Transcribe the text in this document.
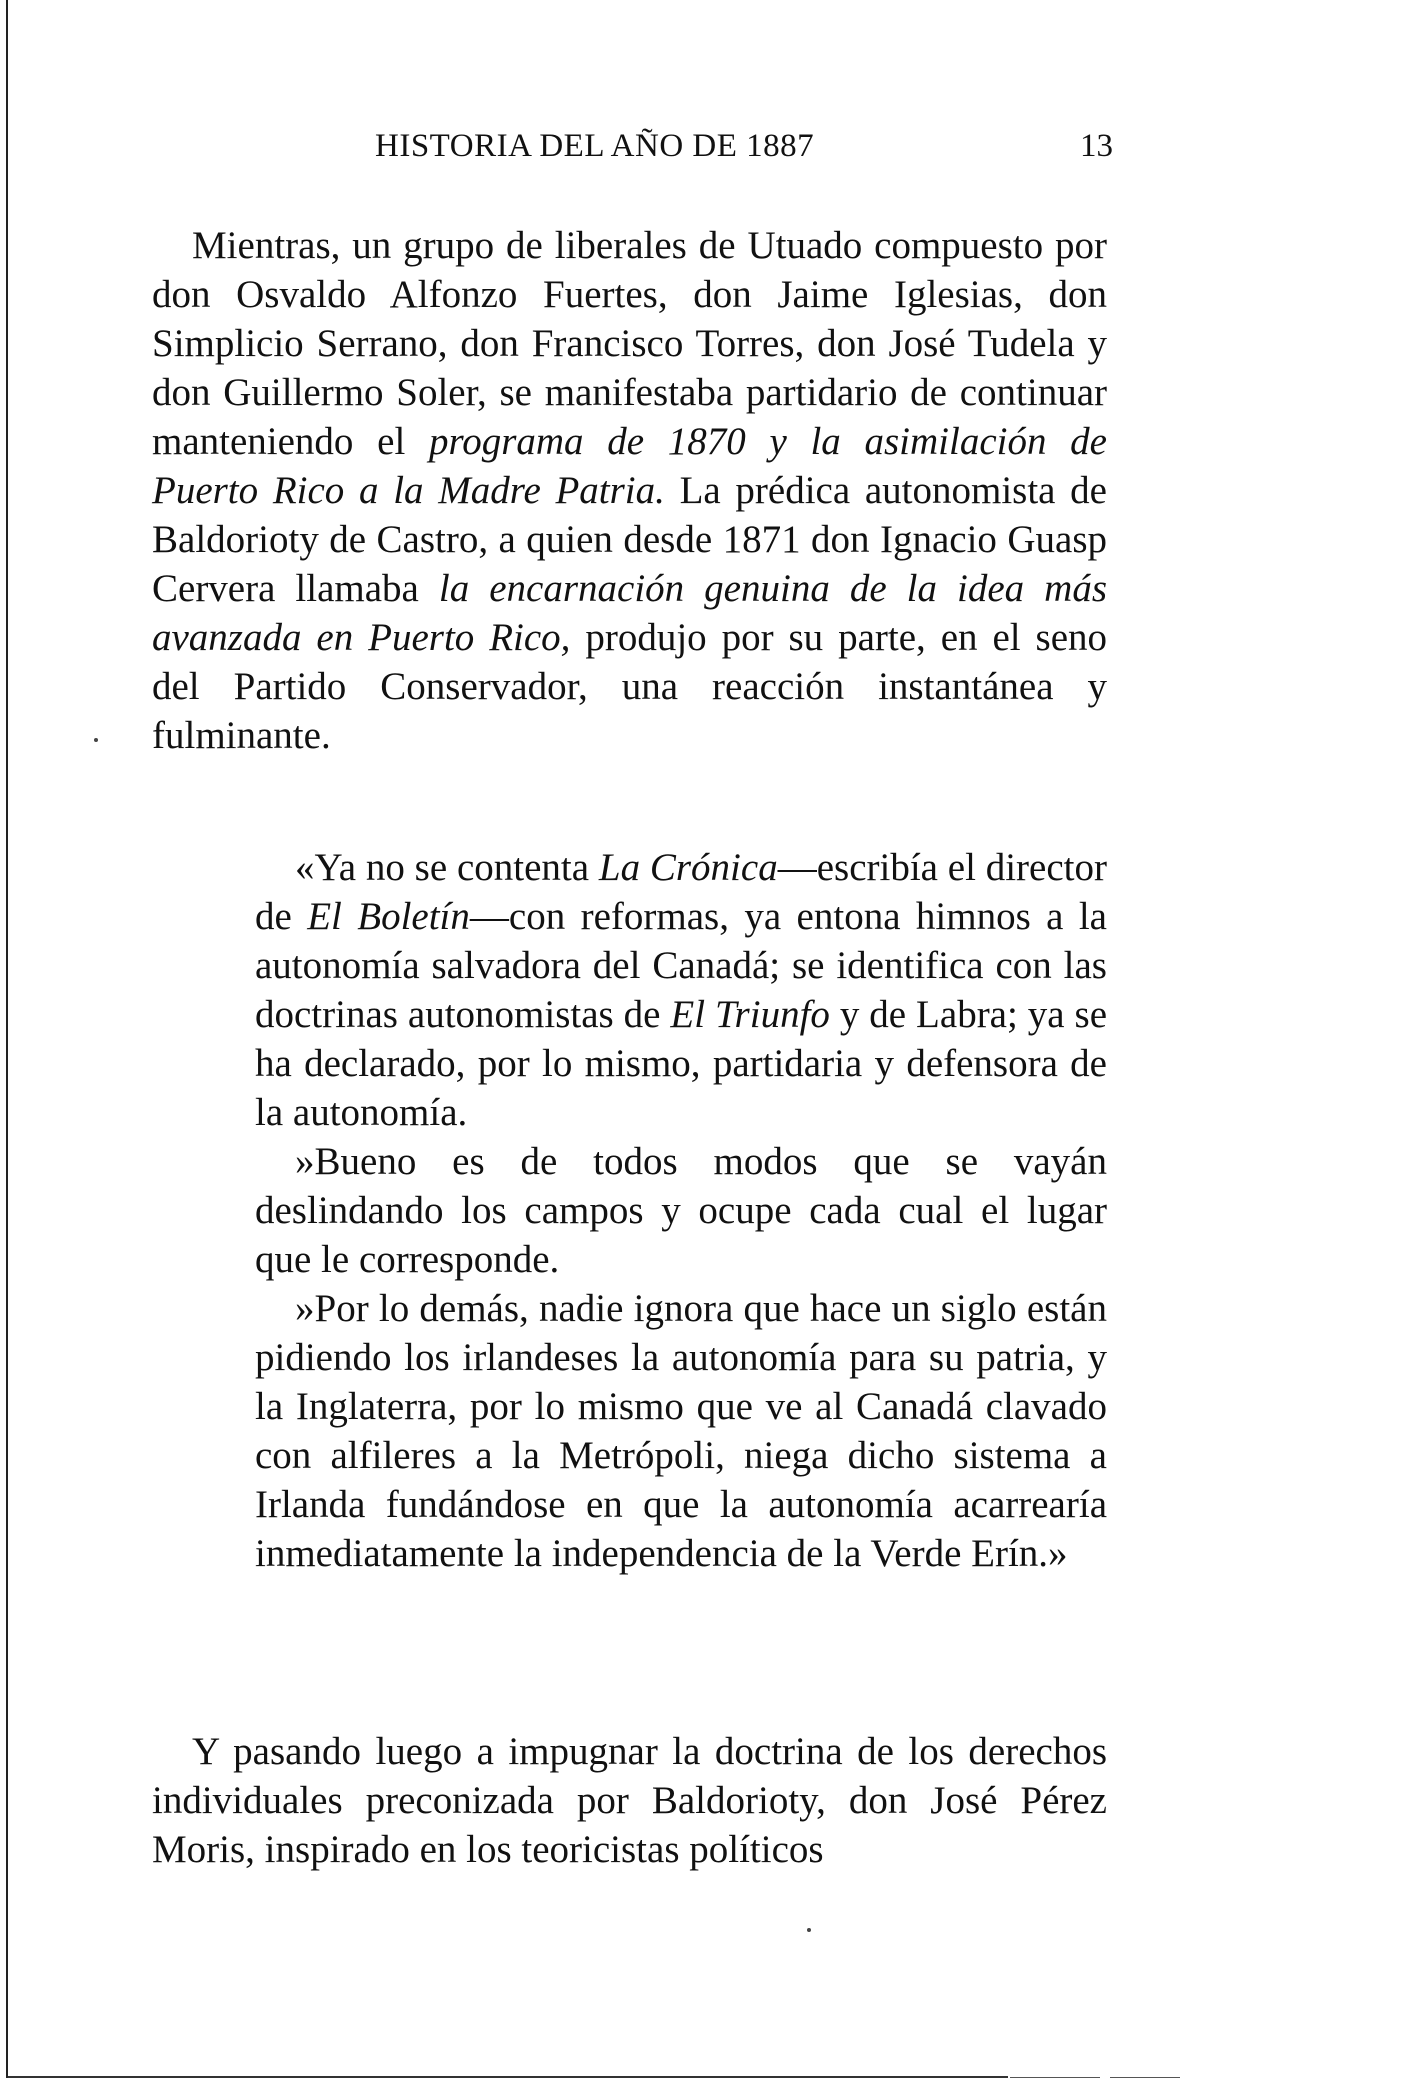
HISTORIA DEL AÑO DE 1887	13

Mientras, un grupo de liberales de Utuado compuesto por don Osvaldo Alfonzo Fuertes, don Jaime Iglesias, don Simplicio Serrano, don Francisco Torres, don José Tudela y don Guillermo Soler, se manifestaba partidario de continuar manteniendo el programa de 1870 y la asimilación de Puerto Rico a la Madre Patria. La prédica autonomista de Baldorioty de Castro, a quien desde 1871 don Ignacio Guasp Cervera llamaba la encarnación genuina de la idea más avanzada en Puerto Rico, produjo por su parte, en el seno del Partido Conservador, una reacción instantánea y fulminante.

«Ya no se contenta La Crónica—escribía el director de El Boletín—con reformas, ya entona himnos a la autonomía salvadora del Canadá; se identifica con las doctrinas autonomistas de El Triunfo y de Labra; ya se ha declarado, por lo mismo, partidaria y defensora de la autonomía.

»Bueno es de todos modos que se vayán deslindando los campos y ocupe cada cual el lugar que le corresponde.

»Por lo demás, nadie ignora que hace un siglo están pidiendo los irlandeses la autonomía para su patria, y la Inglaterra, por lo mismo que ve al Canadá clavado con alfileres a la Metrópoli, niega dicho sistema a Irlanda fundándose en que la autonomía acarrearía inmediatamente la independencia de la Verde Erín.»

Y pasando luego a impugnar la doctrina de los derechos individuales preconizada por Baldorioty, don José Pérez Moris, inspirado en los teoricistas políticos
